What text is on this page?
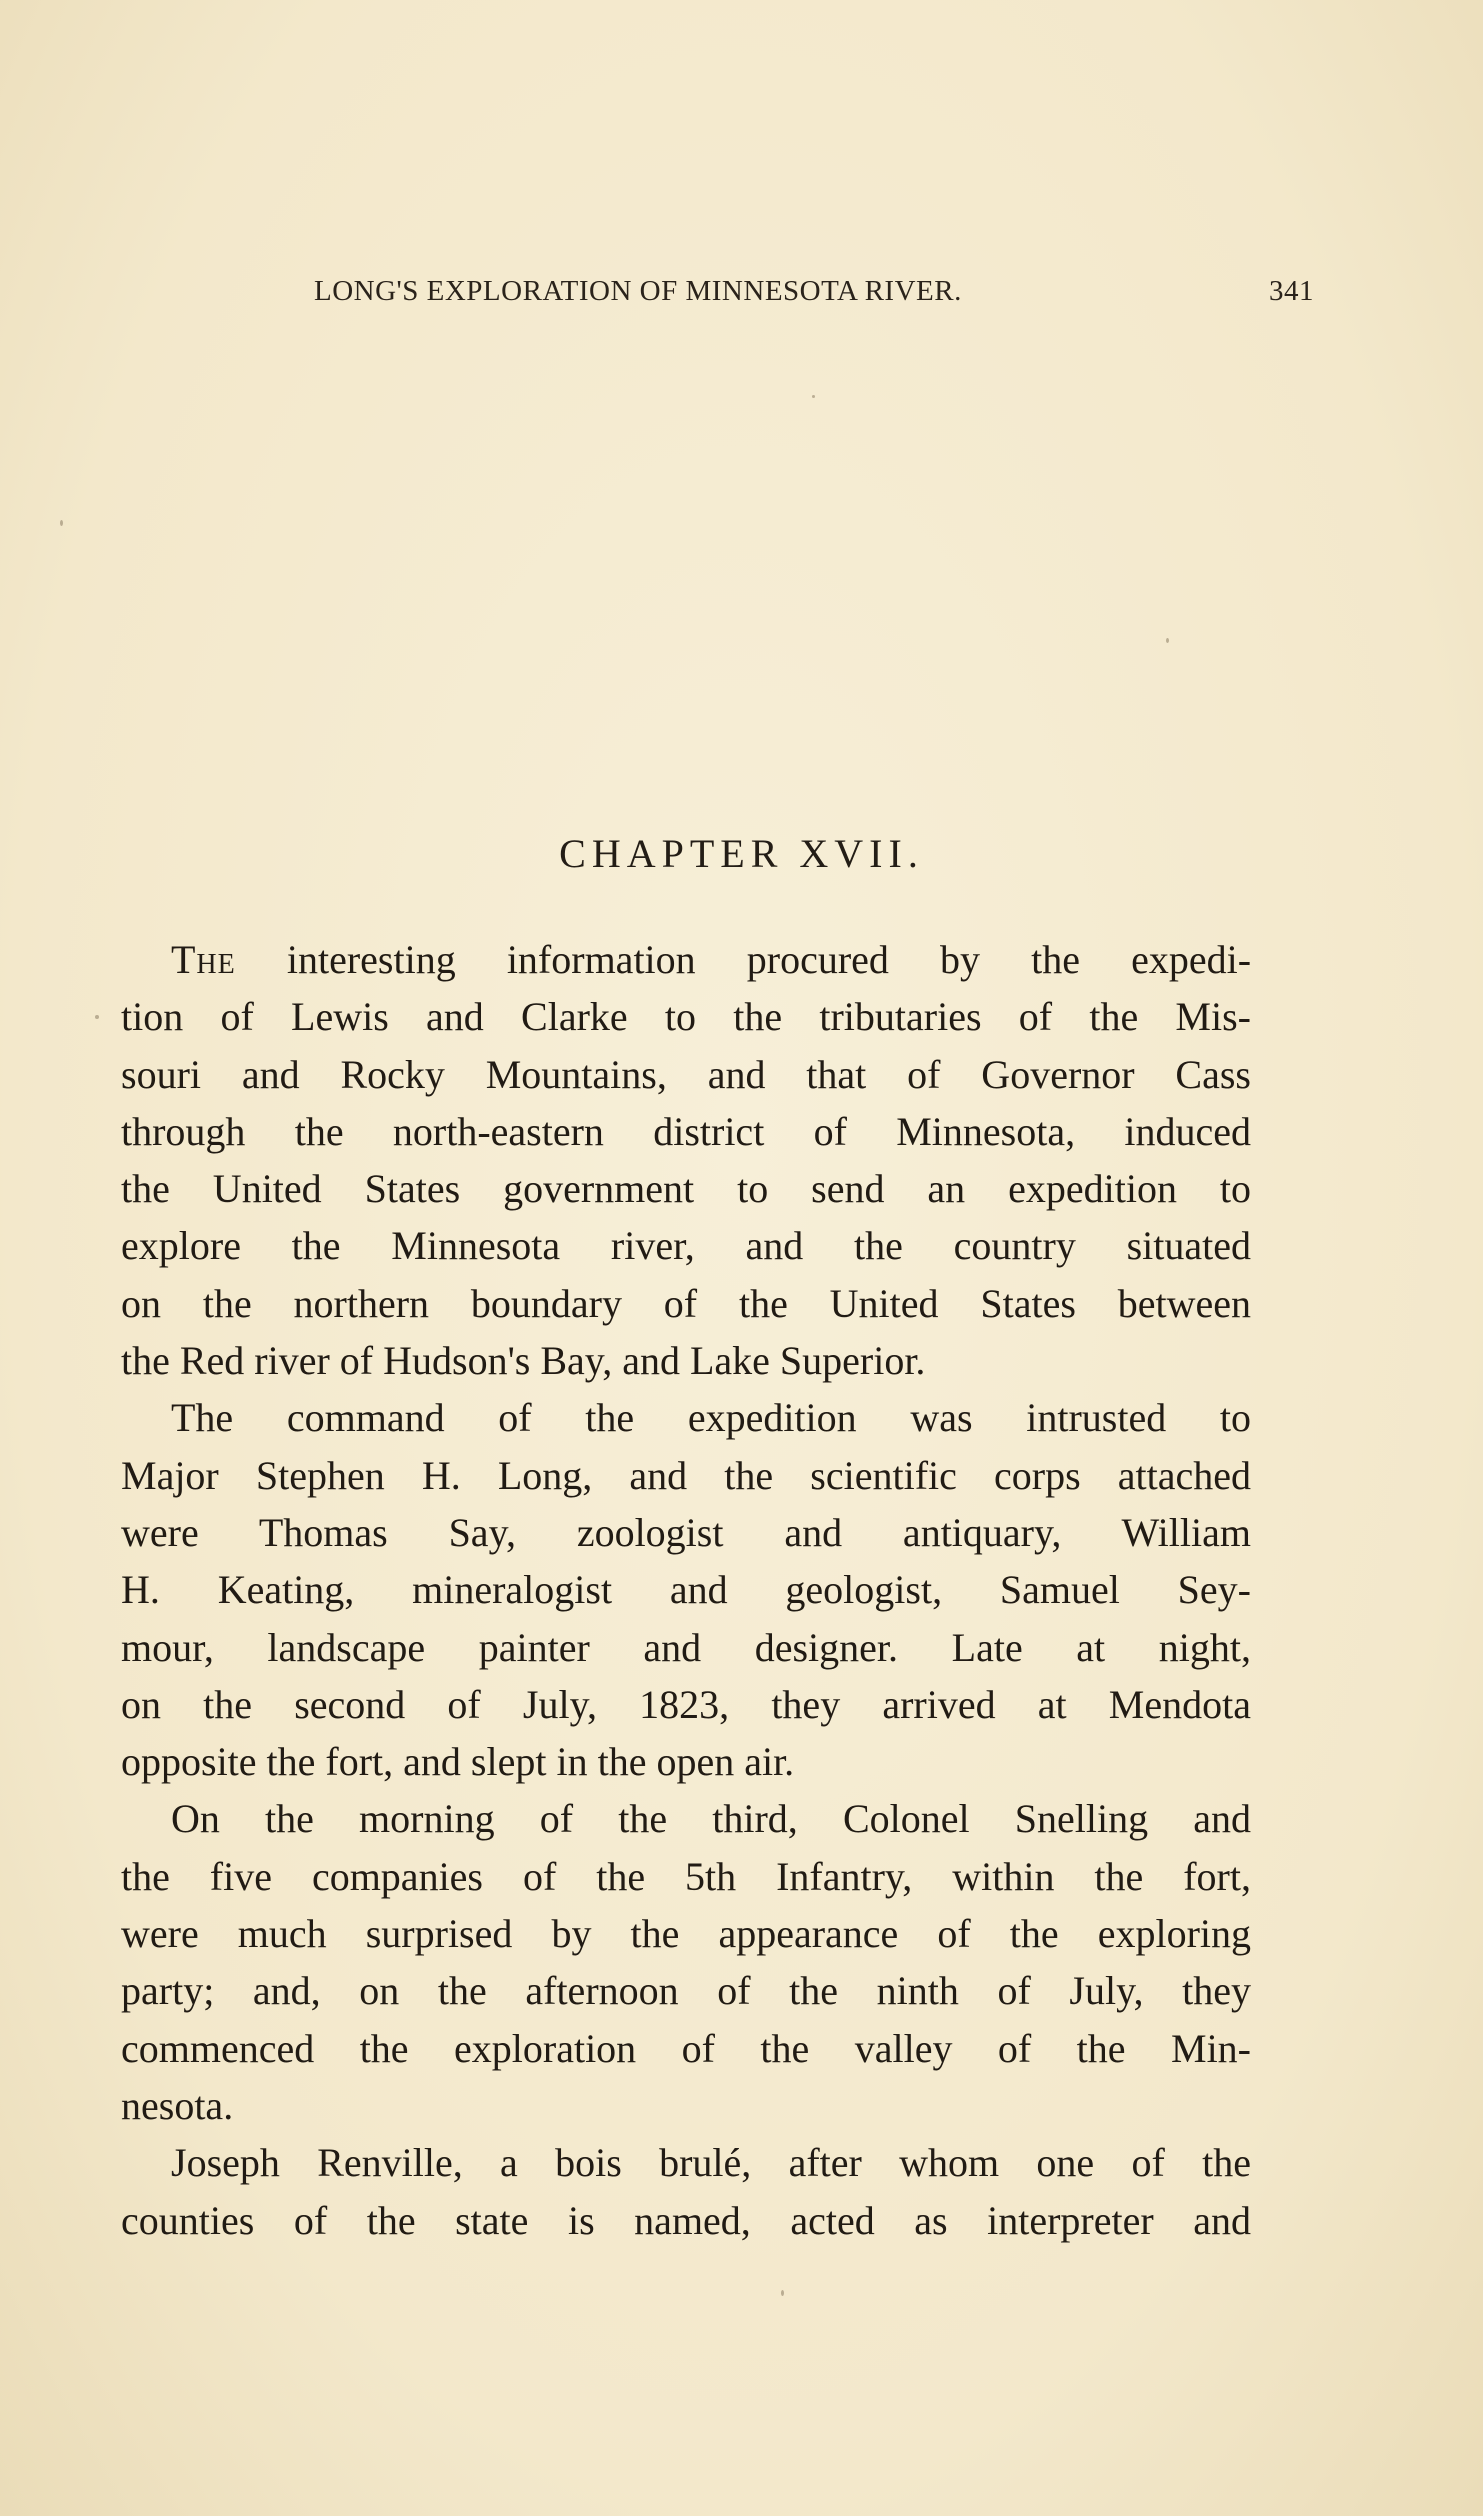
LONG'S EXPLORATION OF MINNESOTA RIVER.	341
CHAPTER XVII.
The interesting information procured by the expedi-
tion of Lewis and Clarke to the tributaries of the Mis-
souri and Rocky Mountains, and that of Governor Cass
through the north-eastern district of Minnesota, induced
the United States government to send an expedition to
explore the Minnesota river, and the country situated
on the northern boundary of the United States between
the Red river of Hudson's Bay, and Lake Superior.
The command of the expedition was intrusted to
Major Stephen H. Long, and the scientific corps attached
were Thomas Say, zoologist and antiquary, William
H. Keating, mineralogist and geologist, Samuel Sey-
mour, landscape painter and designer. Late at night,
on the second of July, 1823, they arrived at Mendota
opposite the fort, and slept in the open air.
On the morning of the third, Colonel Snelling and
the five companies of the 5th Infantry, within the fort,
were much surprised by the appearance of the exploring
party; and, on the afternoon of the ninth of July, they
commenced the exploration of the valley of the Min-
nesota.
Joseph Renville, a bois brulé, after whom one of the
counties of the state is named, acted as interpreter and
